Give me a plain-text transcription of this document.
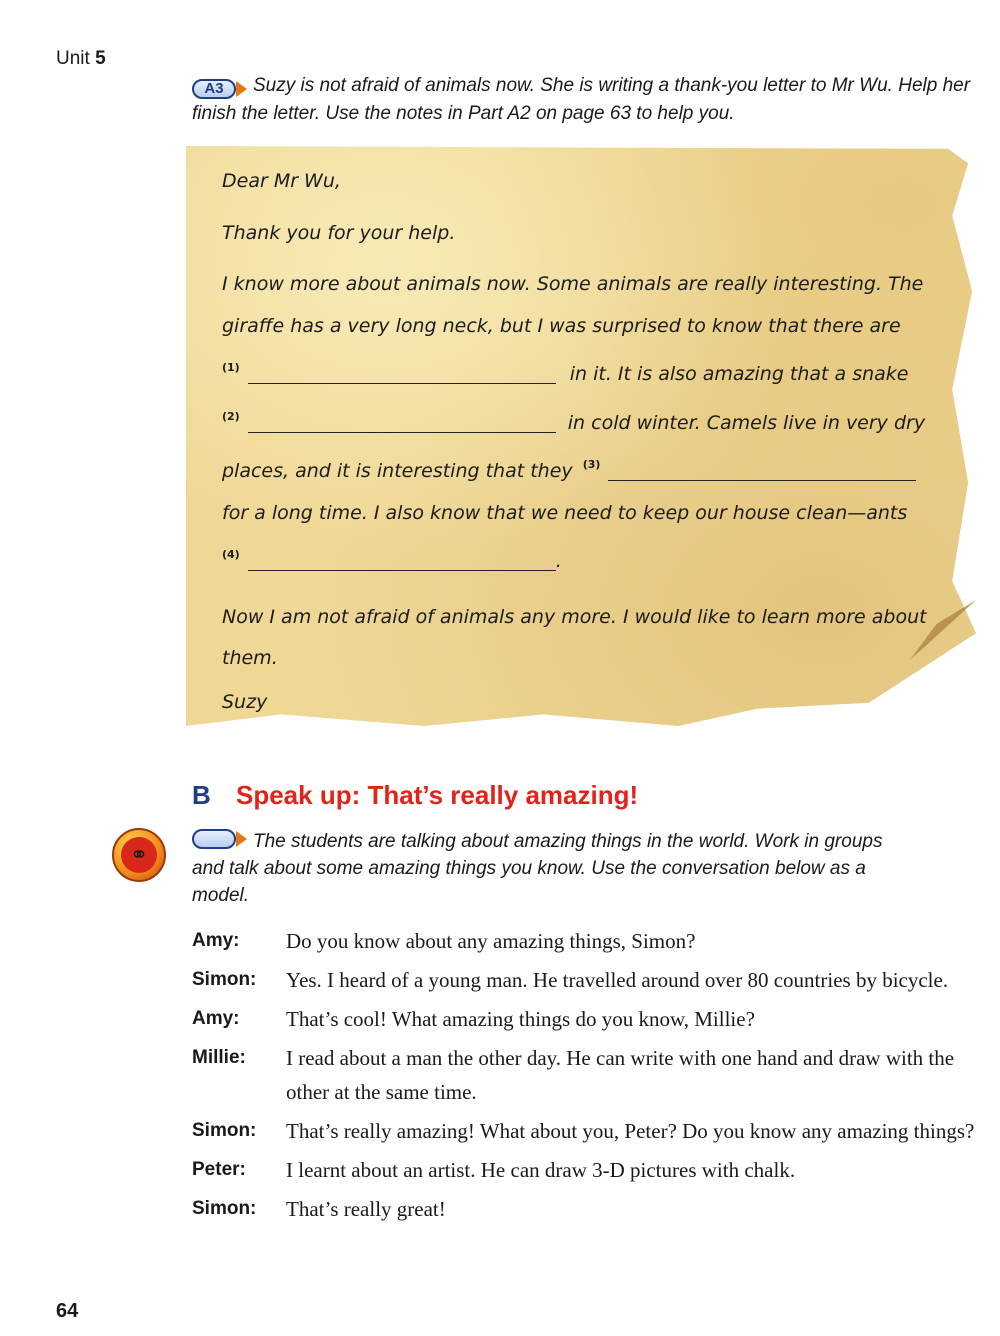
Unit 5
A3	Suzy is not afraid of animals now. She is writing a thank-you letter to Mr Wu. Help her finish the letter. Use the notes in Part A2 on page 63 to help you.

Dear Mr Wu,

Thank you for your help.

I know more about animals now. Some animals are really interesting. The giraffe has a very long neck, but I was surprised to know that there are
$^{(1)}$	in it. It is also amazing that a snake
$^{(2)}$	in cold winter. Camels live in very dry places, and it is interesting that they $^{(3)}$
for a long time. I also know that we need to keep our house clean—ants
$^{(4)}$	.

Now I am not afraid of animals any more. I would like to learn more about them.

Suzy

B Speak up: That’s really amazing!
⚭
The students are talking about amazing things in the world. Work in groups and talk about some amazing things you know. Use the conversation below as a model.
Amy:	Do you know about any amazing things, Simon?
Simon:	Yes. I heard of a young man. He travelled around over 80 countries by bicycle.
Amy:	That’s cool! What amazing things do you know, Millie?
Millie:	I read about a man the other day. He can write with one hand and draw with the other at the same time.
Simon:	That’s really amazing! What about you, Peter? Do you know any amazing things?
Peter:	I learnt about an artist. He can draw 3-D pictures with chalk.
Simon:	That’s really great!
64
